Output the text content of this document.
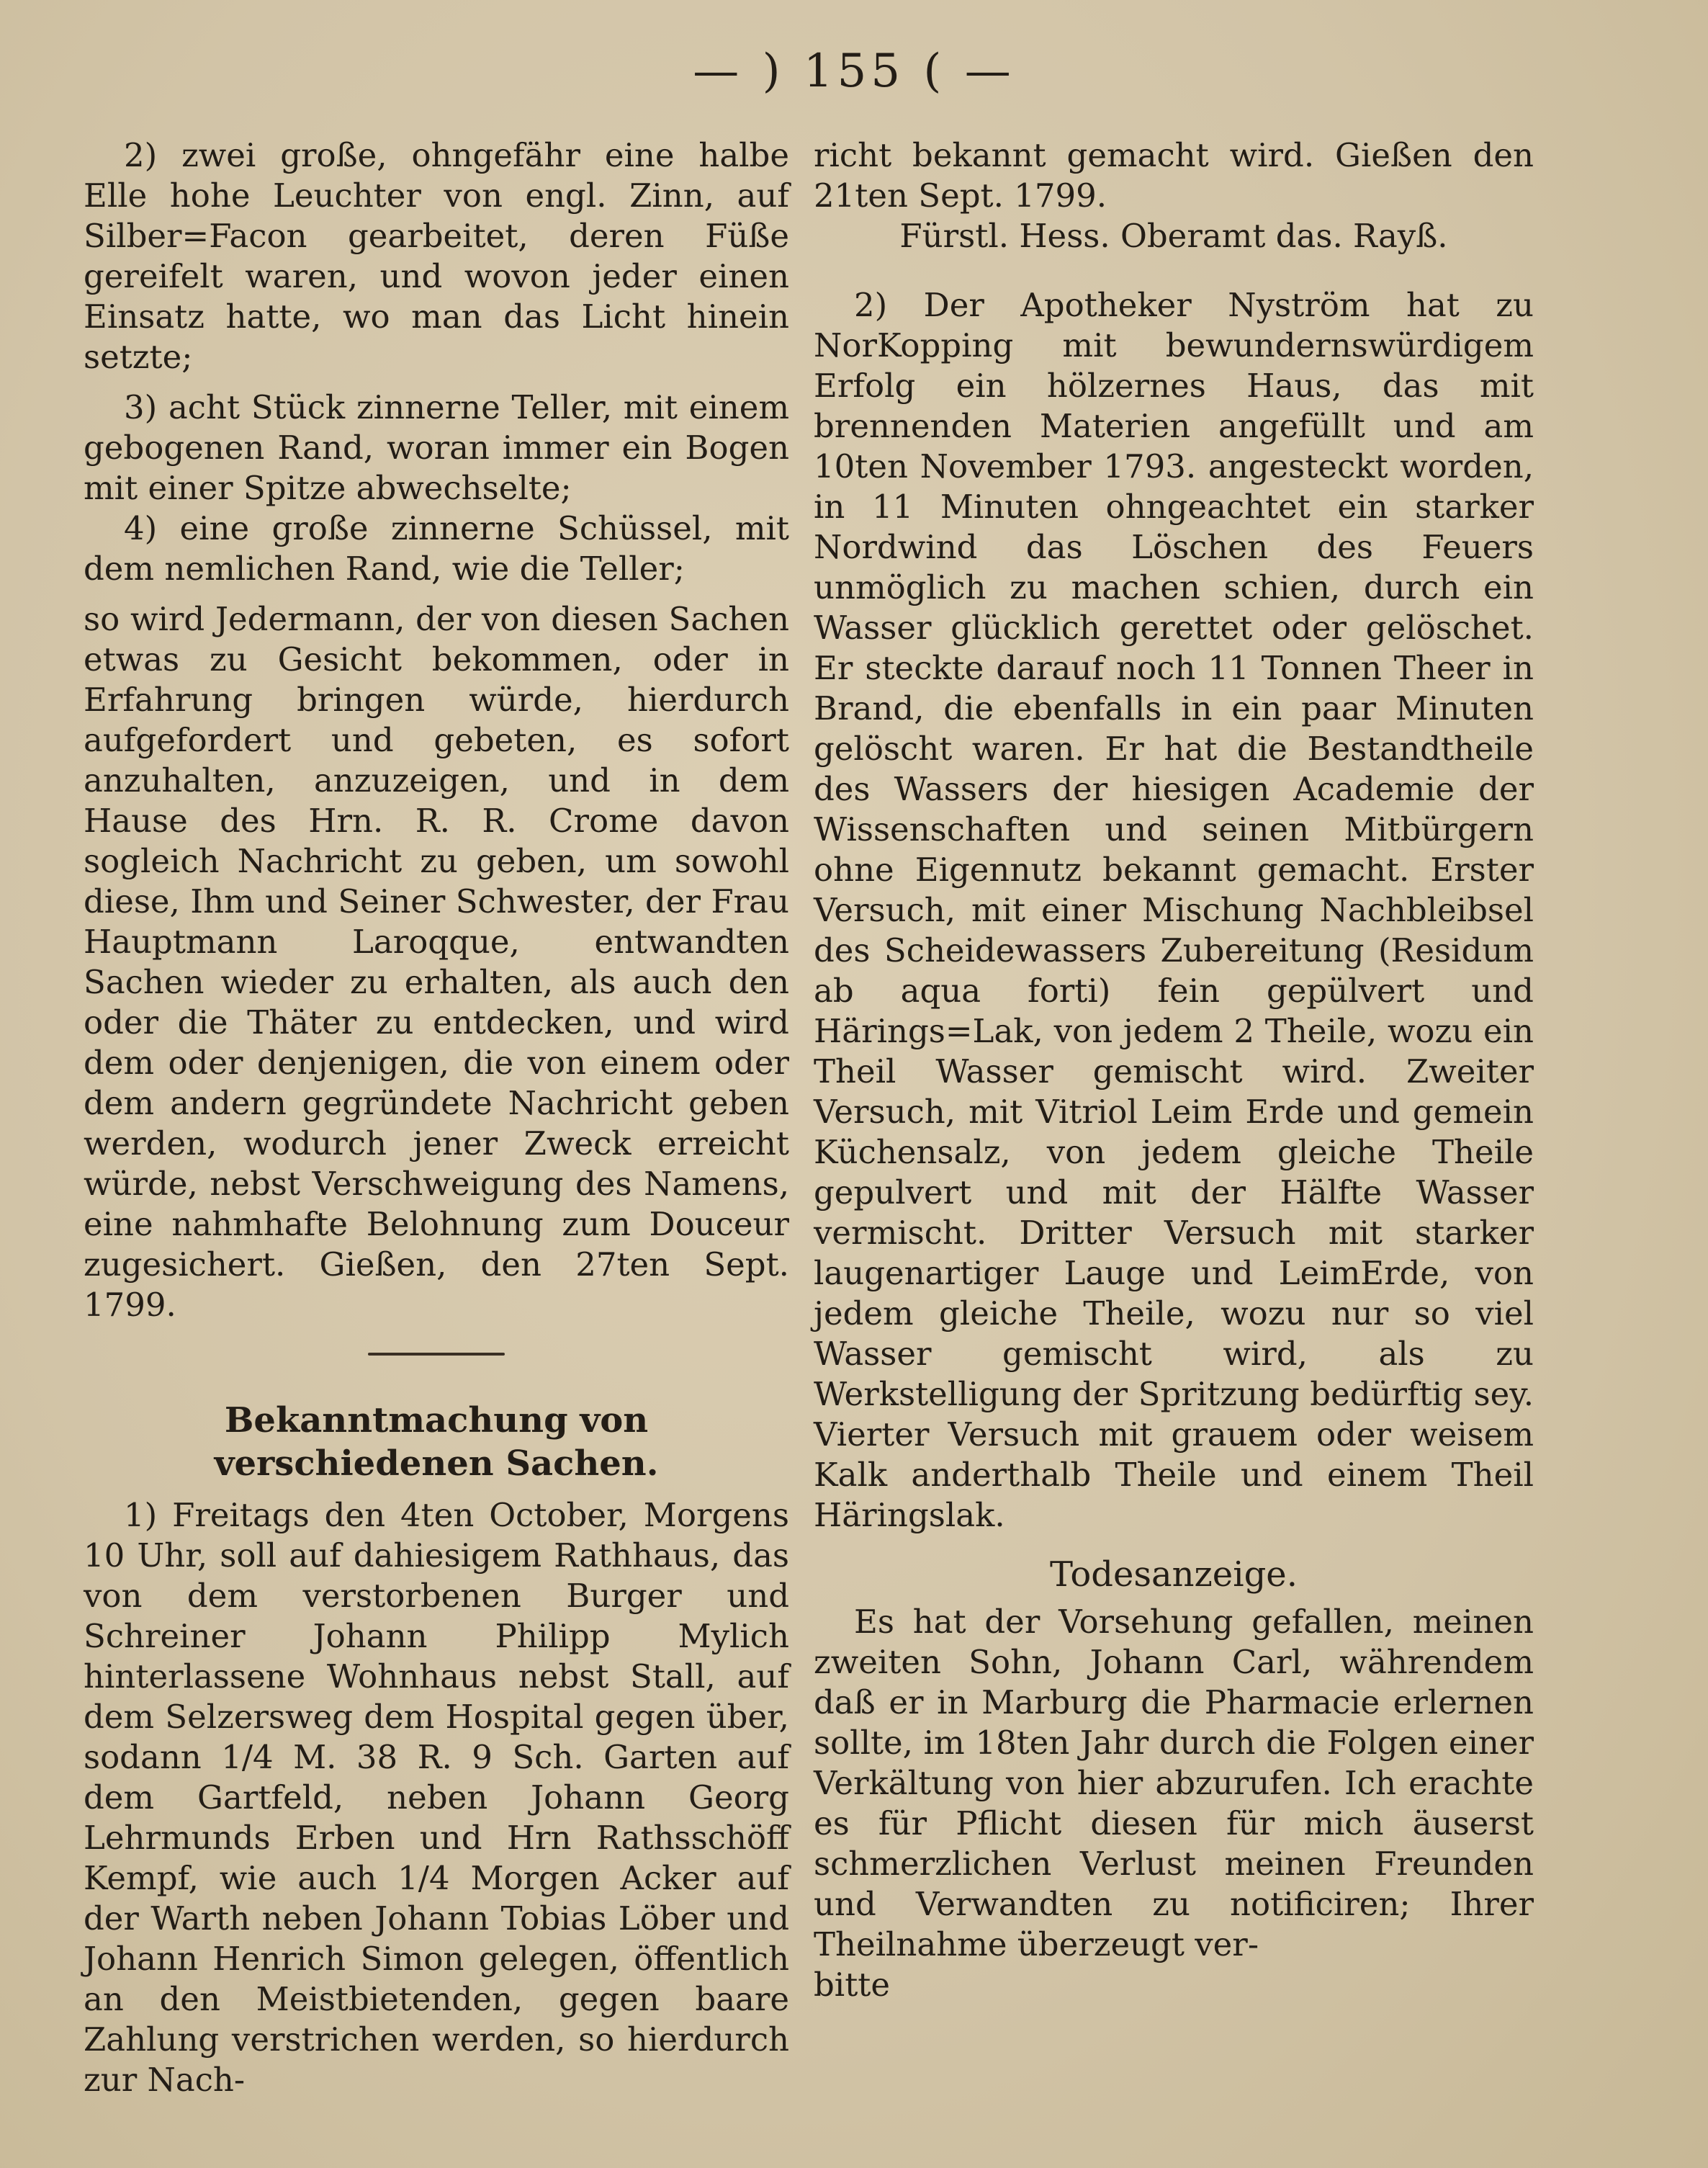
— ) 155 ( —

2) zwei große, ohngefähr eine halbe Elle hohe Leuchter von engl. Zinn, auf Silber=Facon gearbeitet, deren Füße gereifelt waren, und wovon jeder einen Einsatz hatte, wo man das Licht hinein setzte;

3) acht Stück zinnerne Teller, mit einem gebogenen Rand, woran immer ein Bogen mit einer Spitze abwechselte;

4) eine große zinnerne Schüssel, mit dem nemlichen Rand, wie die Teller;

so wird Jedermann, der von diesen Sachen etwas zu Gesicht bekommen, oder in Erfahrung bringen würde, hierdurch aufgefordert und gebeten, es sofort anzuhalten, anzuzeigen, und in dem Hause des Hrn. R. R. Crome davon sogleich Nachricht zu geben, um sowohl diese, Ihm und Seiner Schwester, der Frau Hauptmann Laroqque, entwandten Sachen wieder zu erhalten, als auch den oder die Thäter zu entdecken, und wird dem oder denjenigen, die von einem oder dem andern gegründete Nachricht geben werden, wodurch jener Zweck erreicht würde, nebst Verschweigung des Namens, eine nahmhafte Belohnung zum Douceur zugesichert. Gießen, den 27ten Sept. 1799.

Bekanntmachung von verschiedenen Sachen.

1) Freitags den 4ten October, Morgens 10 Uhr, soll auf dahiesigem Rathhaus, das von dem verstorbenen Burger und Schreiner Johann Philipp Mylich hinterlassene Wohnhaus nebst Stall, auf dem Selzersweg dem Hospital gegen über, sodann 1/4 M. 38 R. 9 Sch. Garten auf dem Gartfeld, neben Johann Georg Lehrmunds Erben und Hrn Rathsschöff Kempf, wie auch 1/4 Morgen Acker auf der Warth neben Johann Tobias Löber und Johann Henrich Simon gelegen, öffentlich an den Meistbietenden, gegen baare Zahlung verstrichen werden, so hierdurch zur Nach-

richt bekannt gemacht wird. Gießen den 21ten Sept. 1799.

Fürstl. Hess. Oberamt das. Rayß.

2) Der Apotheker Nyström hat zu NorKopping mit bewundernswürdigem Erfolg ein hölzernes Haus, das mit brennenden Materien angefüllt und am 10ten November 1793. angesteckt worden, in 11 Minuten ohngeachtet ein starker Nordwind das Löschen des Feuers unmöglich zu machen schien, durch ein Wasser glücklich gerettet oder gelöschet. Er steckte darauf noch 11 Tonnen Theer in Brand, die ebenfalls in ein paar Minuten gelöscht waren. Er hat die Bestandtheile des Wassers der hiesigen Academie der Wissenschaften und seinen Mitbürgern ohne Eigennutz bekannt gemacht. Erster Versuch, mit einer Mischung Nachbleibsel des Scheidewassers Zubereitung (Residum ab aqua forti) fein gepülvert und Härings=Lak, von jedem 2 Theile, wozu ein Theil Wasser gemischt wird. Zweiter Versuch, mit Vitriol Leim Erde und gemein Küchensalz, von jedem gleiche Theile gepulvert und mit der Hälfte Wasser vermischt. Dritter Versuch mit starker laugenartiger Lauge und LeimErde, von jedem gleiche Theile, wozu nur so viel Wasser gemischt wird, als zu Werkstelligung der Spritzung bedürftig sey. Vierter Versuch mit grauem oder weisem Kalk anderthalb Theile und einem Theil Häringslak.

Todesanzeige.

Es hat der Vorsehung gefallen, meinen zweiten Sohn, Johann Carl, währendem daß er in Marburg die Pharmacie erlernen sollte, im 18ten Jahr durch die Folgen einer Verkältung von hier abzurufen. Ich erachte es für Pflicht diesen für mich äuserst schmerzlichen Verlust meinen Freunden und Verwandten zu notificiren; Ihrer Theilnahme überzeugt ver-

bitte
